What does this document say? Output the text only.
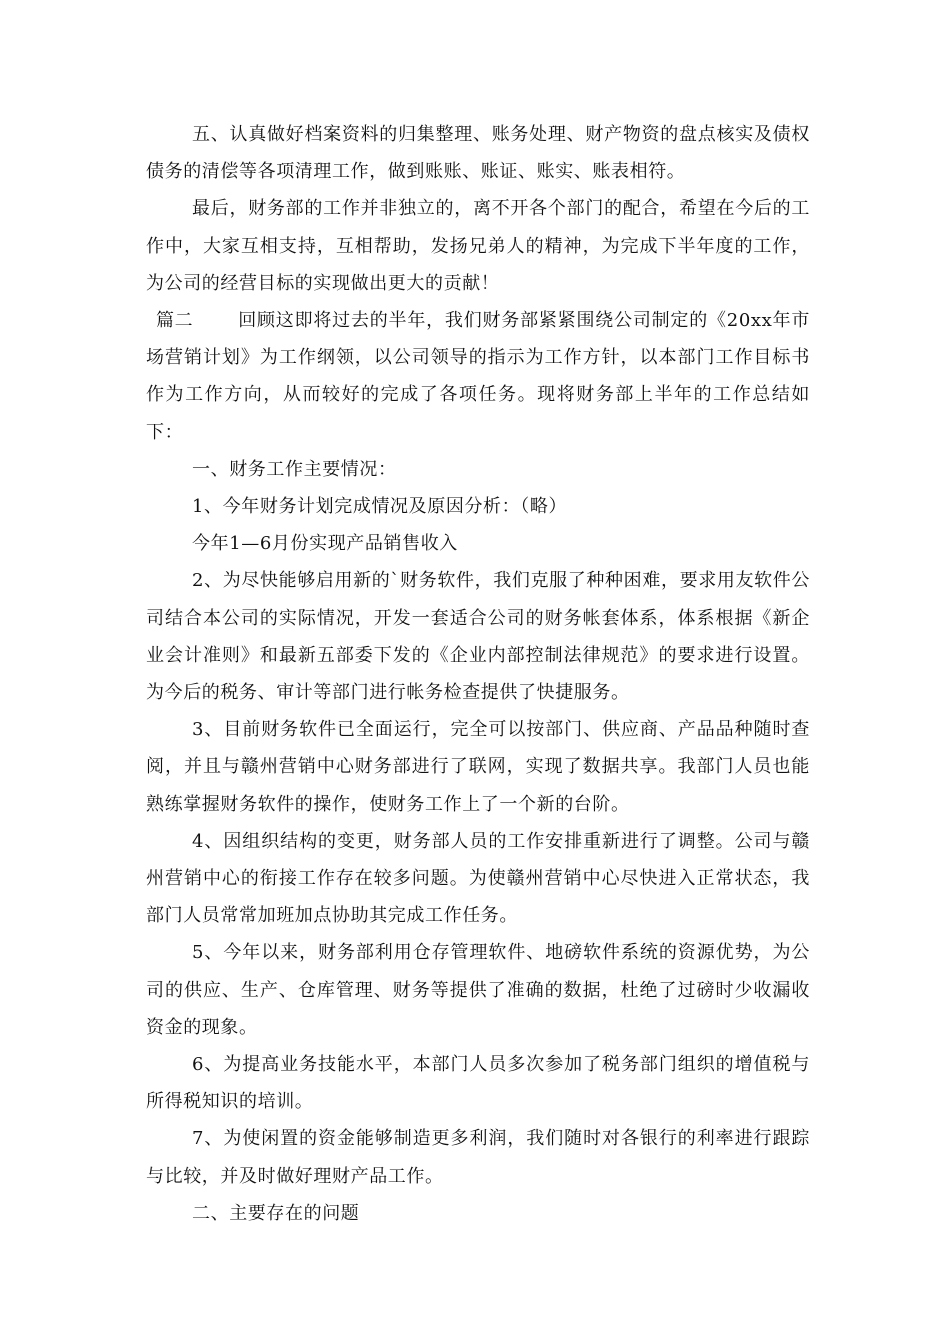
五、认真做好档案资料的归集整理、账务处理、财产物资的盘点核实及债权债务的清偿等各项清理工作，做到账账、账证、账实、账表相符。

最后，财务部的工作并非独立的，离不开各个部门的配合，希望在今后的工作中，大家互相支持，互相帮助，发扬兄弟人的精神，为完成下半年度的工作，为公司的经营目标的实现做出更大的贡献！

篇二 回顾这即将过去的半年，我们财务部紧紧围绕公司制定的《20xx年市场营销计划》为工作纲领，以公司领导的指示为工作方针，以本部门工作目标书作为工作方向，从而较好的完成了各项任务。现将财务部上半年的工作总结如下：

一、财务工作主要情况：

1、今年财务计划完成情况及原因分析：（略）

今年1—6月份实现产品销售收入

2、为尽快能够启用新的`财务软件，我们克服了种种困难，要求用友软件公司结合本公司的实际情况，开发一套适合公司的财务帐套体系，体系根据《新企业会计准则》和最新五部委下发的《企业内部控制法律规范》的要求进行设置。为今后的税务、审计等部门进行帐务检查提供了快捷服务。

3、目前财务软件已全面运行，完全可以按部门、供应商、产品品种随时查阅，并且与赣州营销中心财务部进行了联网，实现了数据共享。我部门人员也能熟练掌握财务软件的操作，使财务工作上了一个新的台阶。

4、因组织结构的变更，财务部人员的工作安排重新进行了调整。公司与赣州营销中心的衔接工作存在较多问题。为使赣州营销中心尽快进入正常状态，我部门人员常常加班加点协助其完成工作任务。

5、今年以来，财务部利用仓存管理软件、地磅软件系统的资源优势，为公司的供应、生产、仓库管理、财务等提供了准确的数据，杜绝了过磅时少收漏收资金的现象。

6、为提高业务技能水平，本部门人员多次参加了税务部门组织的增值税与所得税知识的培训。

7、为使闲置的资金能够制造更多利润，我们随时对各银行的利率进行跟踪与比较，并及时做好理财产品工作。

二、主要存在的问题
